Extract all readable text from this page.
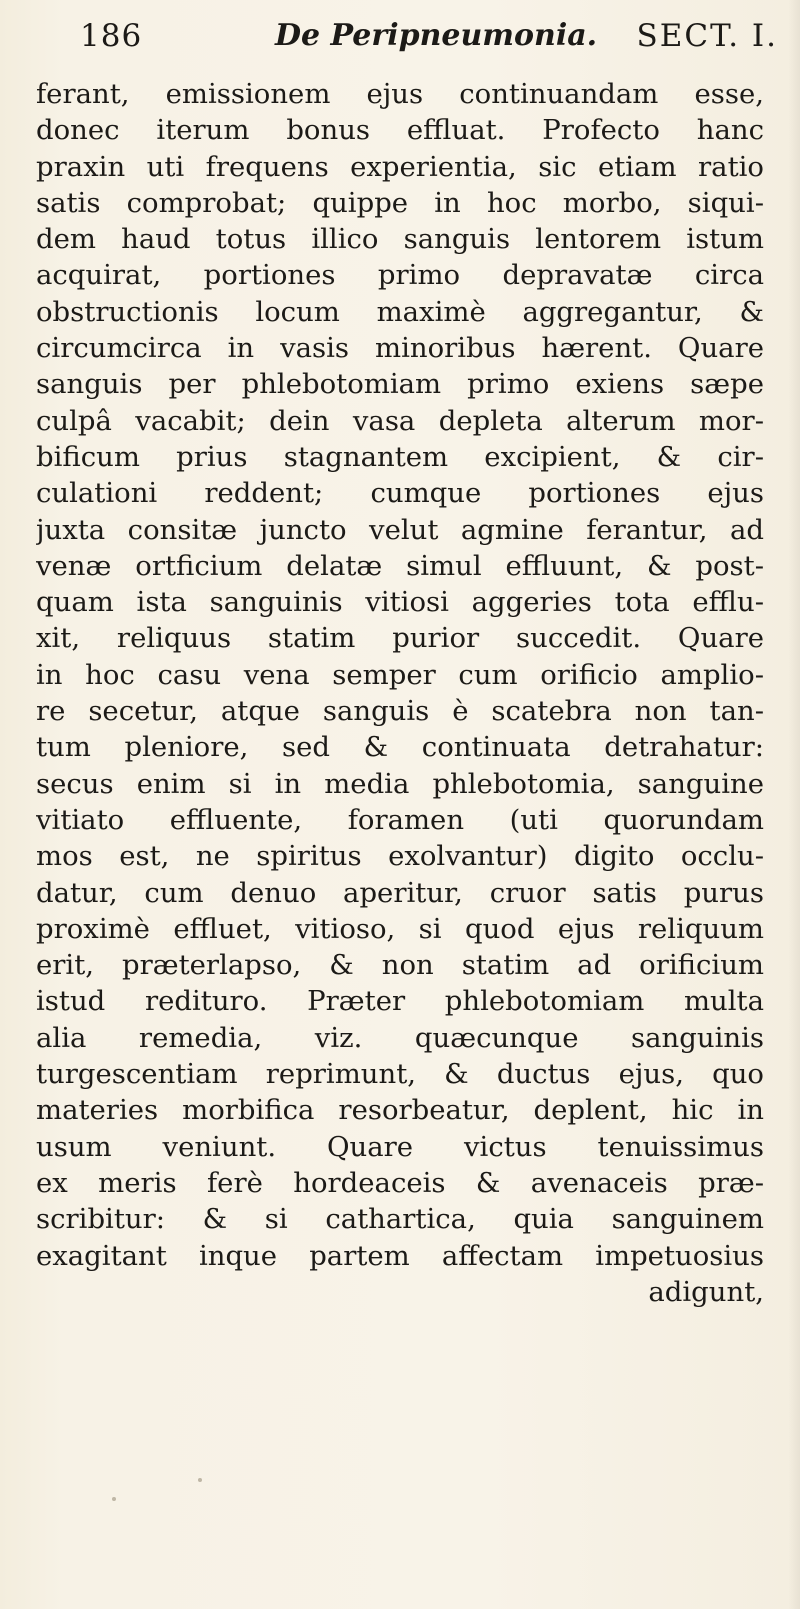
186	De Peripneumonia. SECT. I.
ferant, emissionem ejus continuandam esse,
donec iterum bonus effluat. Profecto hanc
praxin uti frequens experientia, sic etiam ratio
satis comprobat; quippe in hoc morbo, siqui-
dem haud totus illico sanguis lentorem istum
acquirat, portiones primo depravatæ circa
obstructionis locum maximè aggregantur, &
circumcirca in vasis minoribus hærent. Quare
sanguis per phlebotomiam primo exiens sæpe
culpâ vacabit; dein vasa depleta alterum mor-
bificum prius stagnantem excipient, & cir-
culationi reddent; cumque portiones ejus
juxta consitæ juncto velut agmine ferantur, ad
venæ ortficium delatæ simul effluunt, & post-
quam ista sanguinis vitiosi aggeries tota efflu-
xit, reliquus statim purior succedit. Quare
in hoc casu vena semper cum orificio amplio-
re secetur, atque sanguis è scatebra non tan-
tum pleniore, sed & continuata detrahatur:
secus enim si in media phlebotomia, sanguine
vitiato effluente, foramen (uti quorundam
mos est, ne spiritus exolvantur) digito occlu-
datur, cum denuo aperitur, cruor satis purus
proximè effluet, vitioso, si quod ejus reliquum
erit, præterlapso, & non statim ad orificium
istud redituro. Præter phlebotomiam multa
alia remedia, viz. quæcunque sanguinis
turgescentiam reprimunt, & ductus ejus, quo
materies morbifica resorbeatur, deplent, hic in
usum veniunt. Quare victus tenuissimus
ex meris ferè hordeaceis & avenaceis præ-
scribitur: & si cathartica, quia sanguinem
exagitant inque partem affectam impetuosius
adigunt,
